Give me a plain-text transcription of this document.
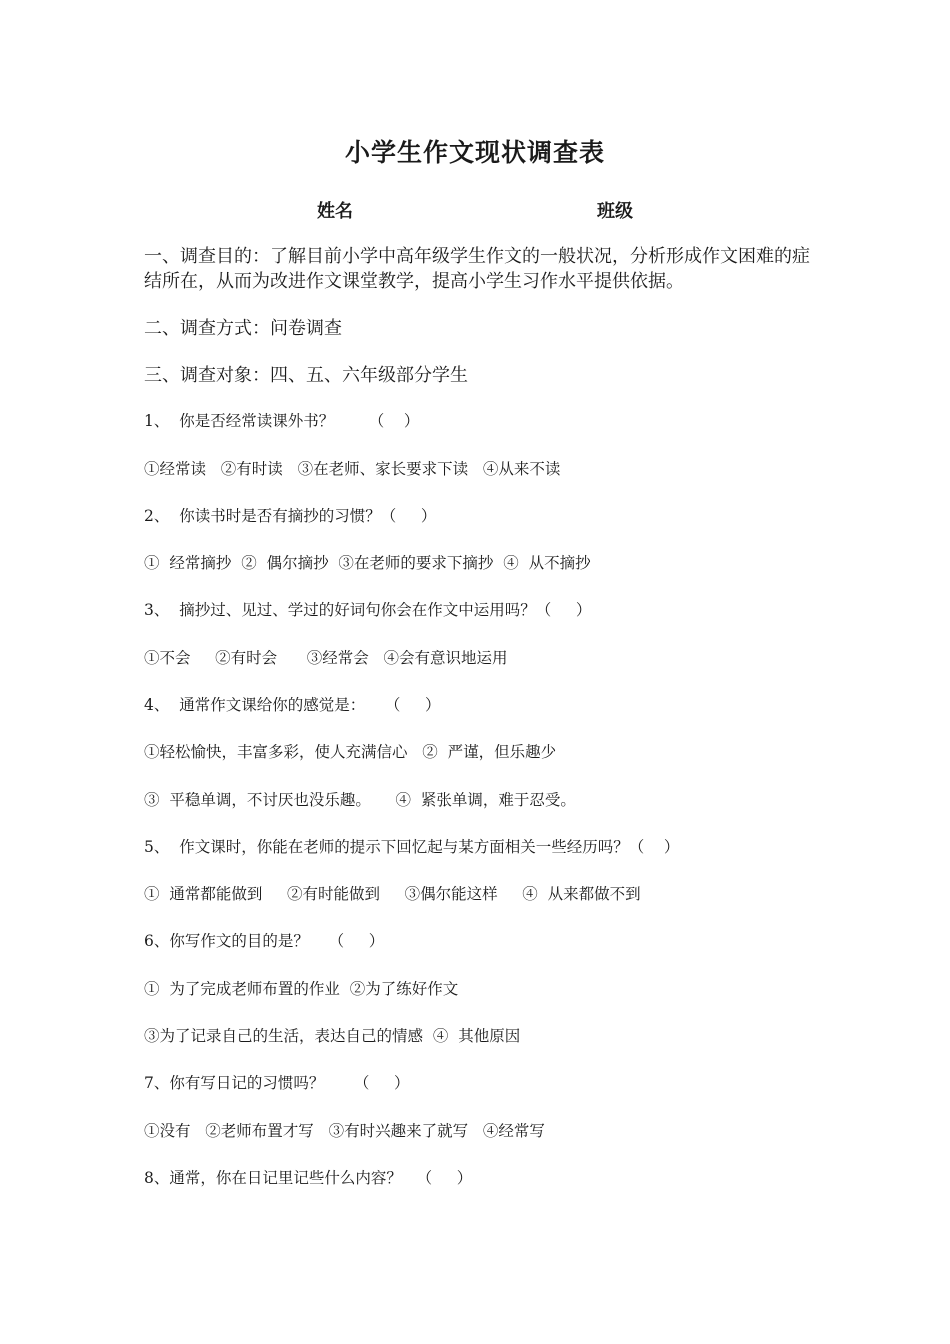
小学生作文现状调查表
姓名	班级
一、调查目的：了解目前小学中高年级学生作文的一般状况，分析形成作文困难的症结所在，从而为改进作文课堂教学，提高小学生习作水平提供依据。
二、调查方式：问卷调查
三、调查对象：四、五、六年级部分学生
1、  你是否经常读课外书？       （    ）
①经常读   ②有时读   ③在老师、家长要求下读   ④从来不读
2、  你读书时是否有摘抄的习惯？（     ）
①  经常摘抄  ②  偶尔摘抄  ③在老师的要求下摘抄  ④  从不摘抄
3、  摘抄过、见过、学过的好词句你会在作文中运用吗？（     ）
①不会     ②有时会      ③经常会   ④会有意识地运用
4、  通常作文课给你的感觉是：    （     ）
①轻松愉快，丰富多彩，使人充满信心   ②  严谨，但乐趣少
③  平稳单调，不讨厌也没乐趣。     ④  紧张单调，难于忍受。
5、  作文课时，你能在老师的提示下回忆起与某方面相关一些经历吗？（    ）
①  通常都能做到     ②有时能做到     ③偶尔能这样     ④  从来都做不到
6、你写作文的目的是？    （     ）
①  为了完成老师布置的作业  ②为了练好作文
③为了记录自己的生活，表达自己的情感  ④  其他原因
7、你有写日记的习惯吗？      （     ）
①没有   ②老师布置才写   ③有时兴趣来了就写   ④经常写
8、通常，你在日记里记些什么内容？   （     ）
